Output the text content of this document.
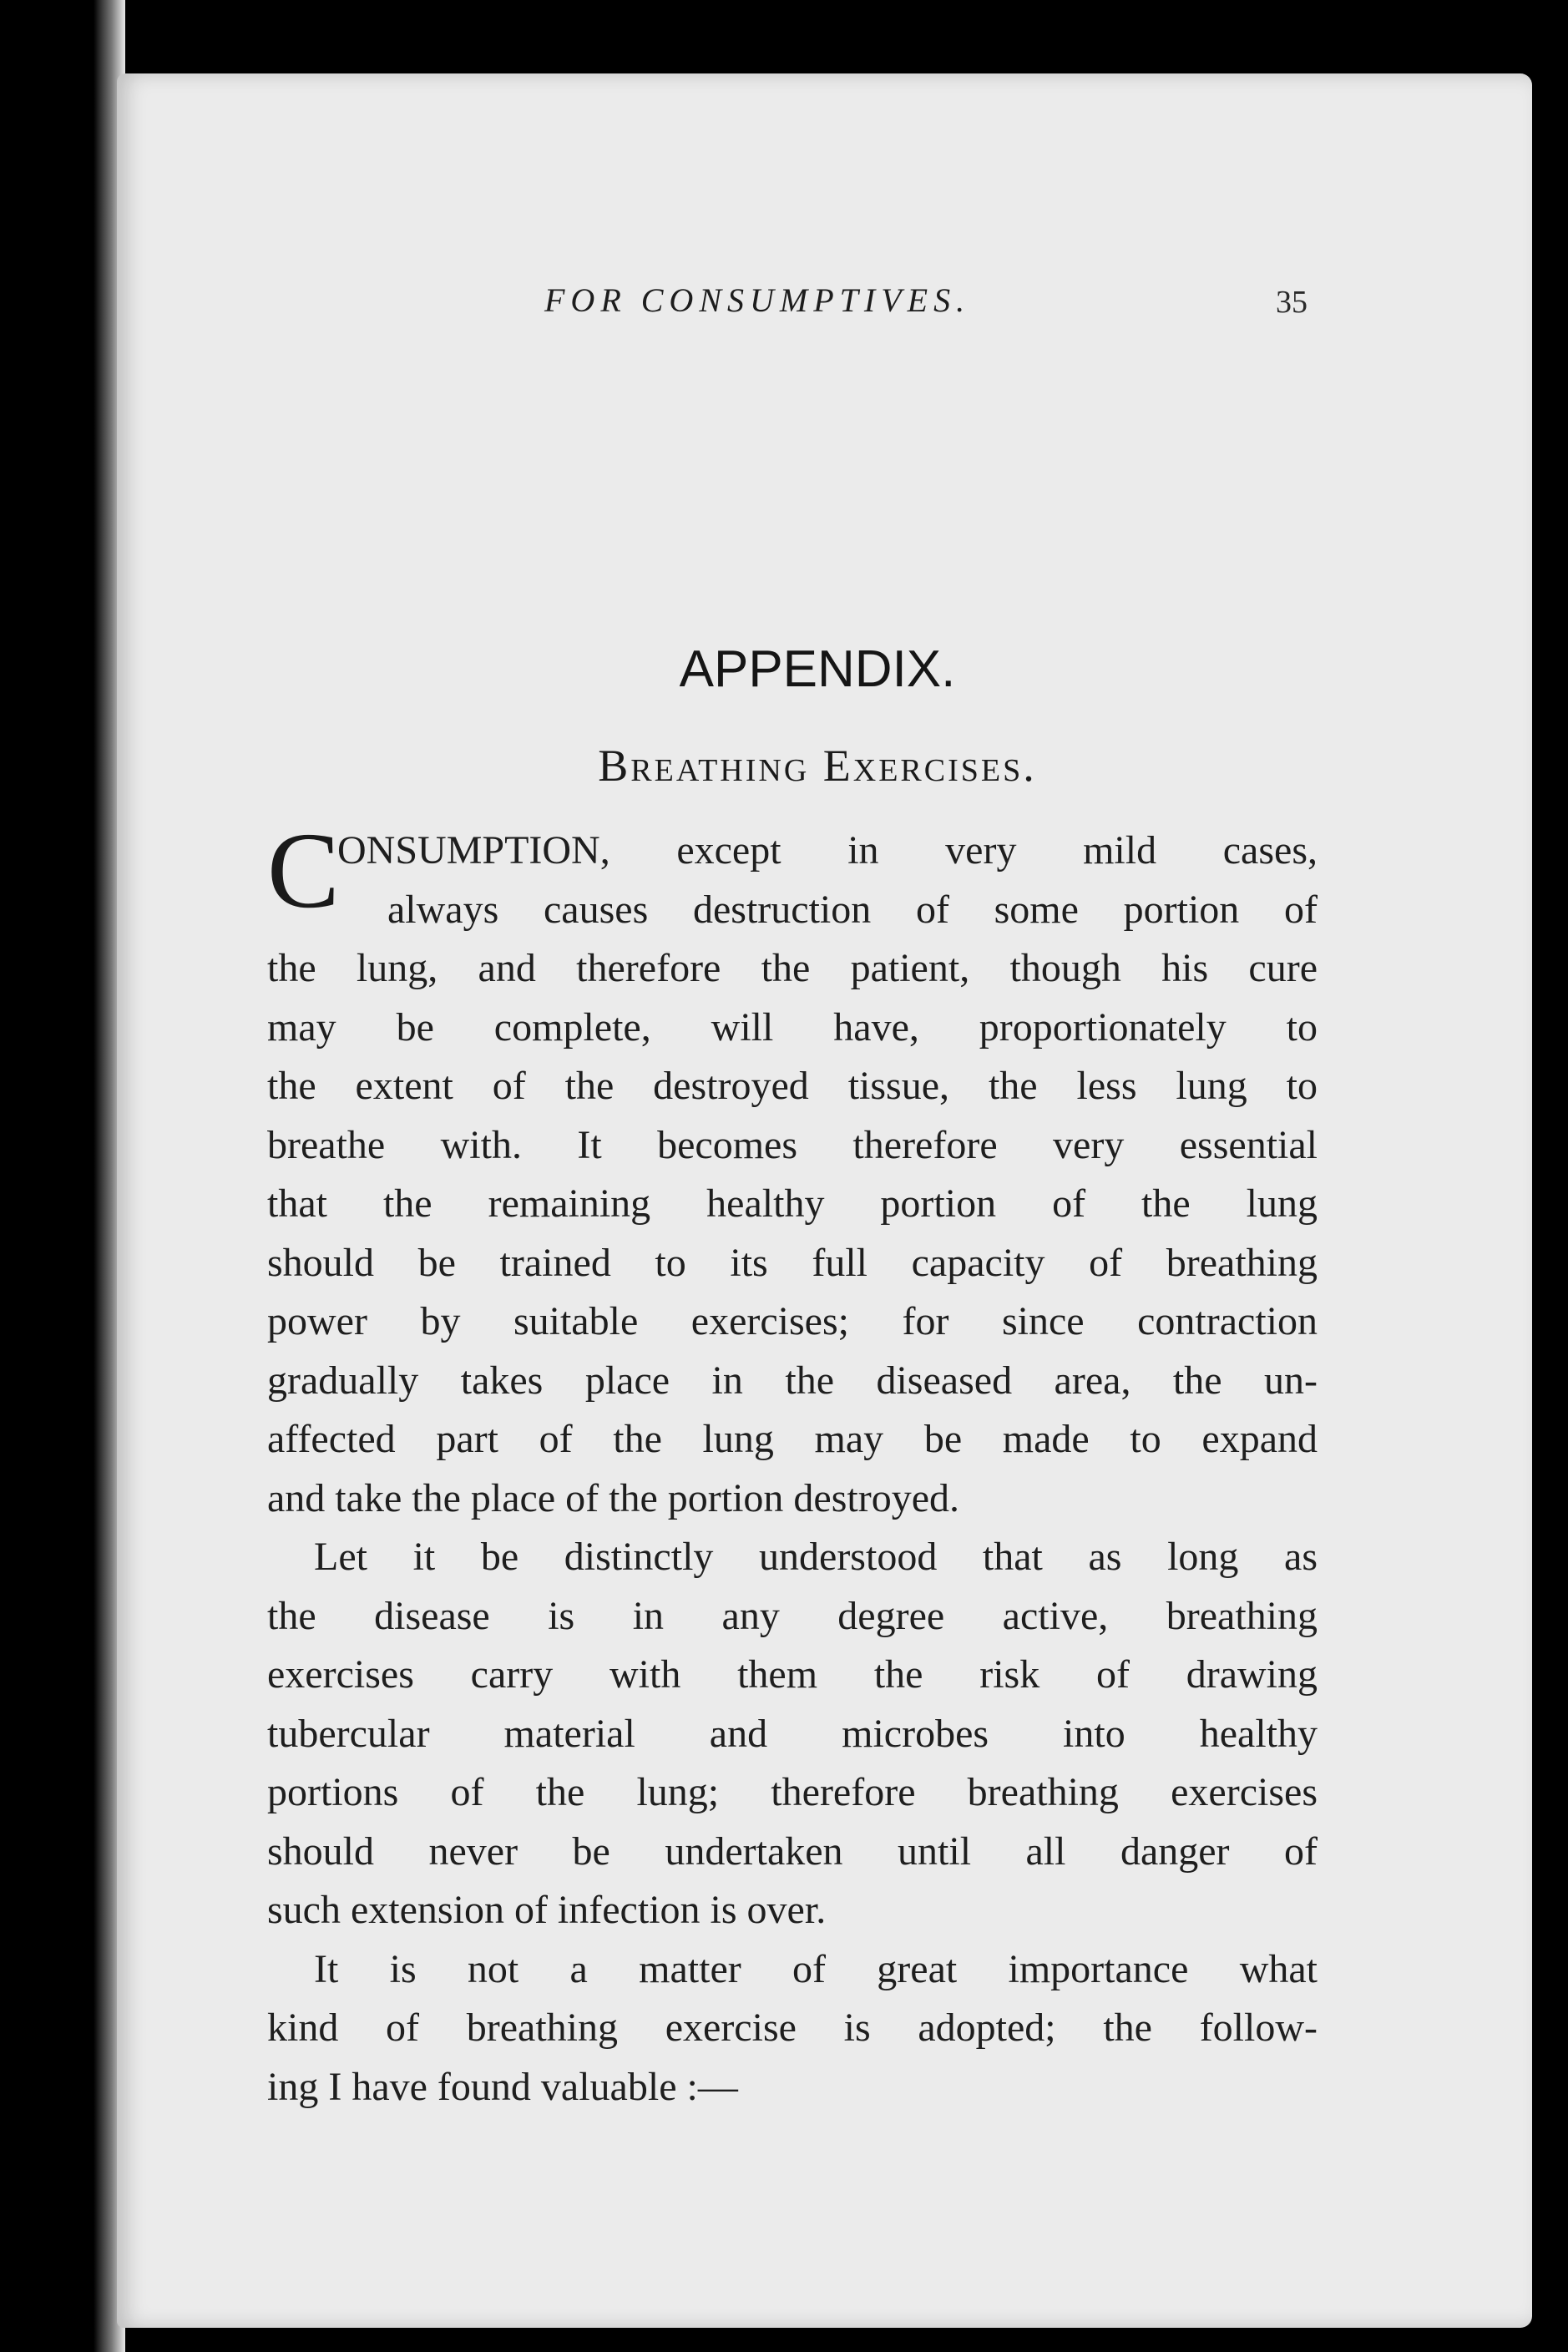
FOR CONSUMPTIVES.	35
APPENDIX.
Breathing Exercises.
C

ONSUMPTION, except in very mild cases,

always causes destruction of some portion of

the lung, and therefore the patient, though his cure

may be complete, will have, proportionately to

the extent of the destroyed tissue, the less lung to

breathe with. It becomes therefore very essential

that the remaining healthy portion of the lung

should be trained to its full capacity of breathing

power by suitable exercises; for since contraction

gradually takes place in the diseased area, the un-

affected part of the lung may be made to expand

and take the place of the portion destroyed.

Let it be distinctly understood that as long as

the disease is in any degree active, breathing

exercises carry with them the risk of drawing

tubercular material and microbes into healthy

portions of the lung; therefore breathing exercises

should never be undertaken until all danger of

such extension of infection is over.

It is not a matter of great importance what

kind of breathing exercise is adopted; the follow-

ing I have found valuable :—
